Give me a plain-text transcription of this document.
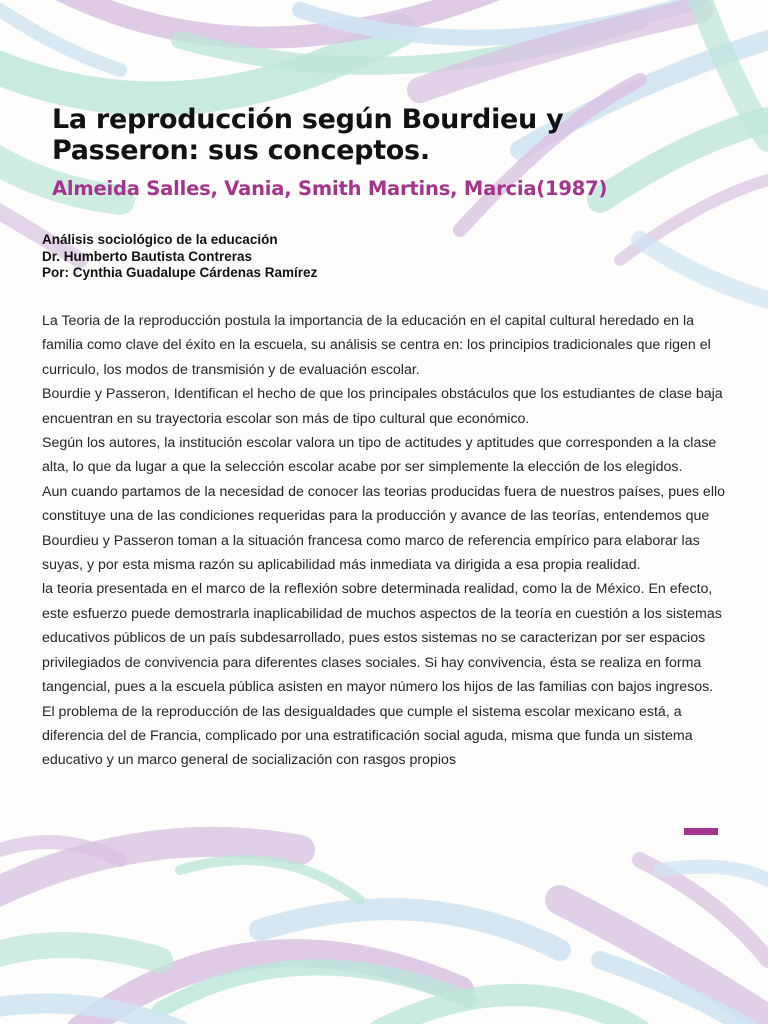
La reproducción según Bourdieu y Passeron: sus conceptos.
Almeida Salles, Vania, Smith Martins, Marcia(1987)
Análisis sociológico de la educación
Dr. Humberto Bautista Contreras
Por: Cynthia Guadalupe Cárdenas Ramírez

La Teoria de la reproducción postula la importancia de la educación en el capital cultural heredado en la familia como clave del éxito en la escuela, su análisis se centra en: los principios tradicionales que rigen el curriculo, los modos de transmisión y de evaluación escolar.

Bourdie y Passeron, Identifican el hecho de que los principales obstáculos que los estudiantes de clase baja encuentran en su trayectoria escolar son más de tipo cultural que económico.

Según los autores, la institución escolar valora un tipo de actitudes y aptitudes que corresponden a la clase alta, lo que da lugar a que la selección escolar acabe por ser simplemente la elección de los elegidos.

Aun cuando partamos de la necesidad de conocer las teorias producidas fuera de nuestros países, pues ello constituye una de las condiciones requeridas para la producción y avance de las teorías, entendemos que Bourdieu y Passeron toman a la situación francesa como marco de referencia empírico para elaborar las suyas, y por esta misma razón su aplicabilidad más inmediata va dirigida a esa propia realidad.

la teoria presentada en el marco de la reflexión sobre determinada realidad, como la de México. En efecto, este esfuerzo puede demostrarla inaplicabilidad de muchos aspectos de la teoría en cuestión a los sistemas educativos públicos de un país subdesarrollado, pues estos sistemas no se caracterizan por ser espacios privilegiados de convivencia para diferentes clases sociales. Si hay convivencia, ésta se realiza en forma tangencial, pues a la escuela pública asisten en mayor número los hijos de las familias con bajos ingresos.

El problema de la reproducción de las desigualdades que cumple el sistema escolar mexicano está, a diferencia del de Francia, complicado por una estratificación social aguda, misma que funda un sistema educativo y un marco general de socialización con rasgos propios
